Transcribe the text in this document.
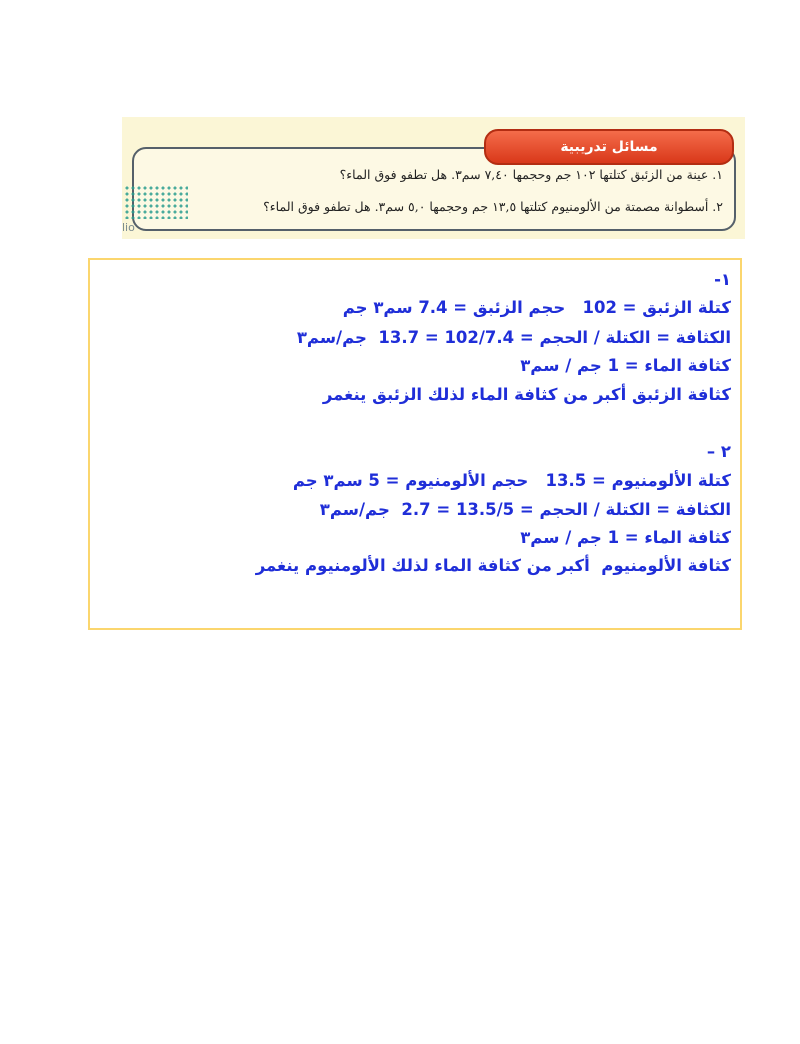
مسائل تدريبية
١. عينة من الزئبق كتلتها ١٠٢ جم وحجمها ٧,٤٠ سم٣. هل تطفو فوق الماء؟
٢. أسطوانة مصمتة من الألومنيوم كتلتها ١٣,٥ جم وحجمها ٥,٠ سم٣. هل تطفو فوق الماء؟
lio
١-
كتلة الزئبق = 102   حجم الزئبق = 7.4 سم٣ جم
الكثافة = الكتلة / الحجم = 102/7.4 = 13.7  جم/سم٣
كثافة الماء = 1 جم / سم٣
كثافة الزئبق أكبر من كثافة الماء لذلك الزئبق ينغمر
٢ –
كتلة الألومنيوم = 13.5   حجم الألومنيوم = 5 سم٣ جم
الكثافة = الكتلة / الحجم = 13.5/5 = 2.7  جم/سم٣
كثافة الماء = 1 جم / سم٣
كثافة الألومنيوم  أكبر من كثافة الماء لذلك الألومنيوم ينغمر
